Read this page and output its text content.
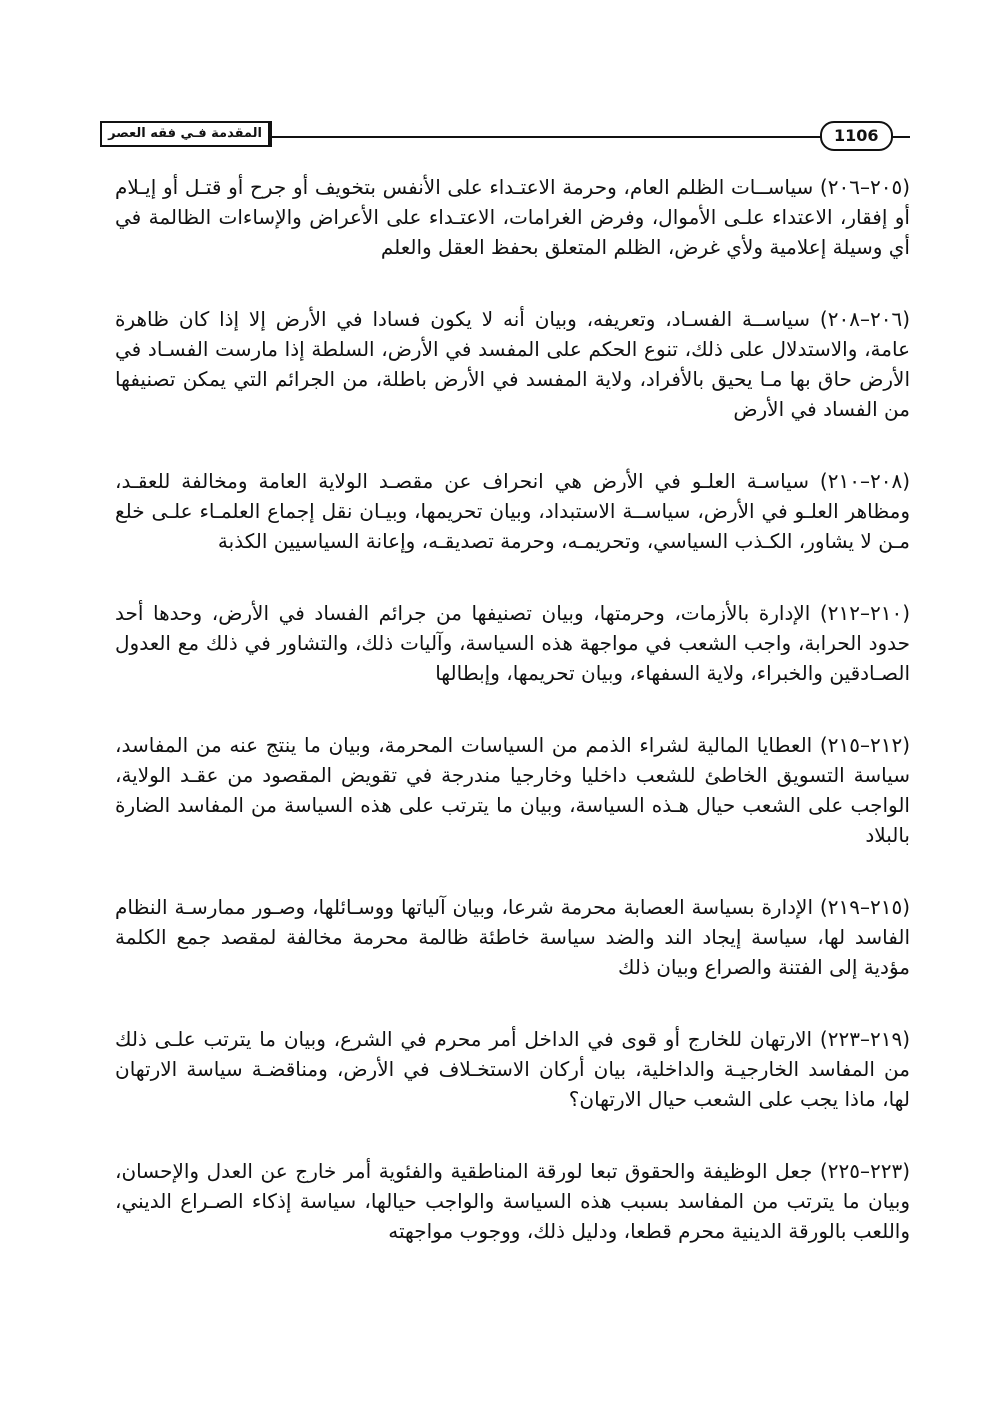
المقدمة فـي فقه العصر	1106

(٢٠٥–٢٠٦) سياســات الظلم العام، وحرمة الاعتـداء على الأنفس بتخويف أو جرح أو قتـل أو إيـلام أو إفقار، الاعتداء علـى الأموال، وفرض الغرامات، الاعتـداء على الأعراض والإساءات الظالمة في أي وسيلة إعلامية ولأي غرض، الظلم المتعلق بحفظ العقل والعلم

(٢٠٦–٢٠٨) سياســة الفسـاد، وتعريفه، وبيان أنه لا يكون فسادا في الأرض إلا إذا كان ظاهرة عامة، والاستدلال على ذلك، تنوع الحكم على المفسد في الأرض، السلطة إذا مارست الفسـاد في الأرض حاق بها مـا يحيق بالأفراد، ولاية المفسد في الأرض باطلة، من الجرائم التي يمكن تصنيفها من الفساد في الأرض

(٢٠٨–٢١٠) سياسـة العلـو في الأرض هي انحراف عن مقصـد الولاية العامة ومخالفة للعقـد، ومظاهر العلـو في الأرض، سياســة الاستبداد، وبيان تحريمها، وبيـان نقل إجماع العلمـاء علـى خلع مـن لا يشاور، الكـذب السياسي، وتحريمـه، وحرمة تصديقـه، وإعانة السياسيين الكذبة

(٢١٠–٢١٢) الإدارة بالأزمات، وحرمتها، وبيان تصنيفها من جرائم الفساد في الأرض، وحدها أحد حدود الحرابة، واجب الشعب في مواجهة هذه السياسة، وآليات ذلك، والتشاور في ذلك مع العدول الصـادقين والخبراء، ولاية السفهاء، وبيان تحريمها، وإبطالها

(٢١٢–٢١٥) العطايا المالية لشراء الذمم من السياسات المحرمة، وبيان ما ينتج عنه من المفاسد، سياسة التسويق الخاطئ للشعب داخليا وخارجيا مندرجة في تقويض المقصود من عقـد الولاية، الواجب على الشعب حيال هـذه السياسة، وبيان ما يترتب على هذه السياسة من المفاسد الضارة بالبلاد

(٢١٥–٢١٩) الإدارة بسياسة العصابة محرمة شرعا، وبيان آلياتها ووسـائلها، وصـور ممارسـة النظام الفاسد لها، سياسة إيجاد الند والضد سياسة خاطئة ظالمة محرمة مخالفة لمقصد جمع الكلمة مؤدية إلى الفتنة والصراع وبيان ذلك

(٢١٩–٢٢٣) الارتهان للخارج أو قوى في الداخل أمر محرم في الشرع، وبيان ما يترتب علـى ذلك من المفاسد الخارجيـة والداخلية، بيان أركان الاستخـلاف في الأرض، ومناقضـة سياسة الارتهان لها، ماذا يجب على الشعب حيال الارتهان؟

(٢٢٣–٢٢٥) جعل الوظيفة والحقوق تبعا لورقة المناطقية والفئوية أمر خارج عن العدل والإحسان، وبيان ما يترتب من المفاسد بسبب هذه السياسة والواجب حيالها، سياسة إذكاء الصـراع الديني، واللعب بالورقة الدينية محرم قطعا، ودليل ذلك، ووجوب مواجهته
